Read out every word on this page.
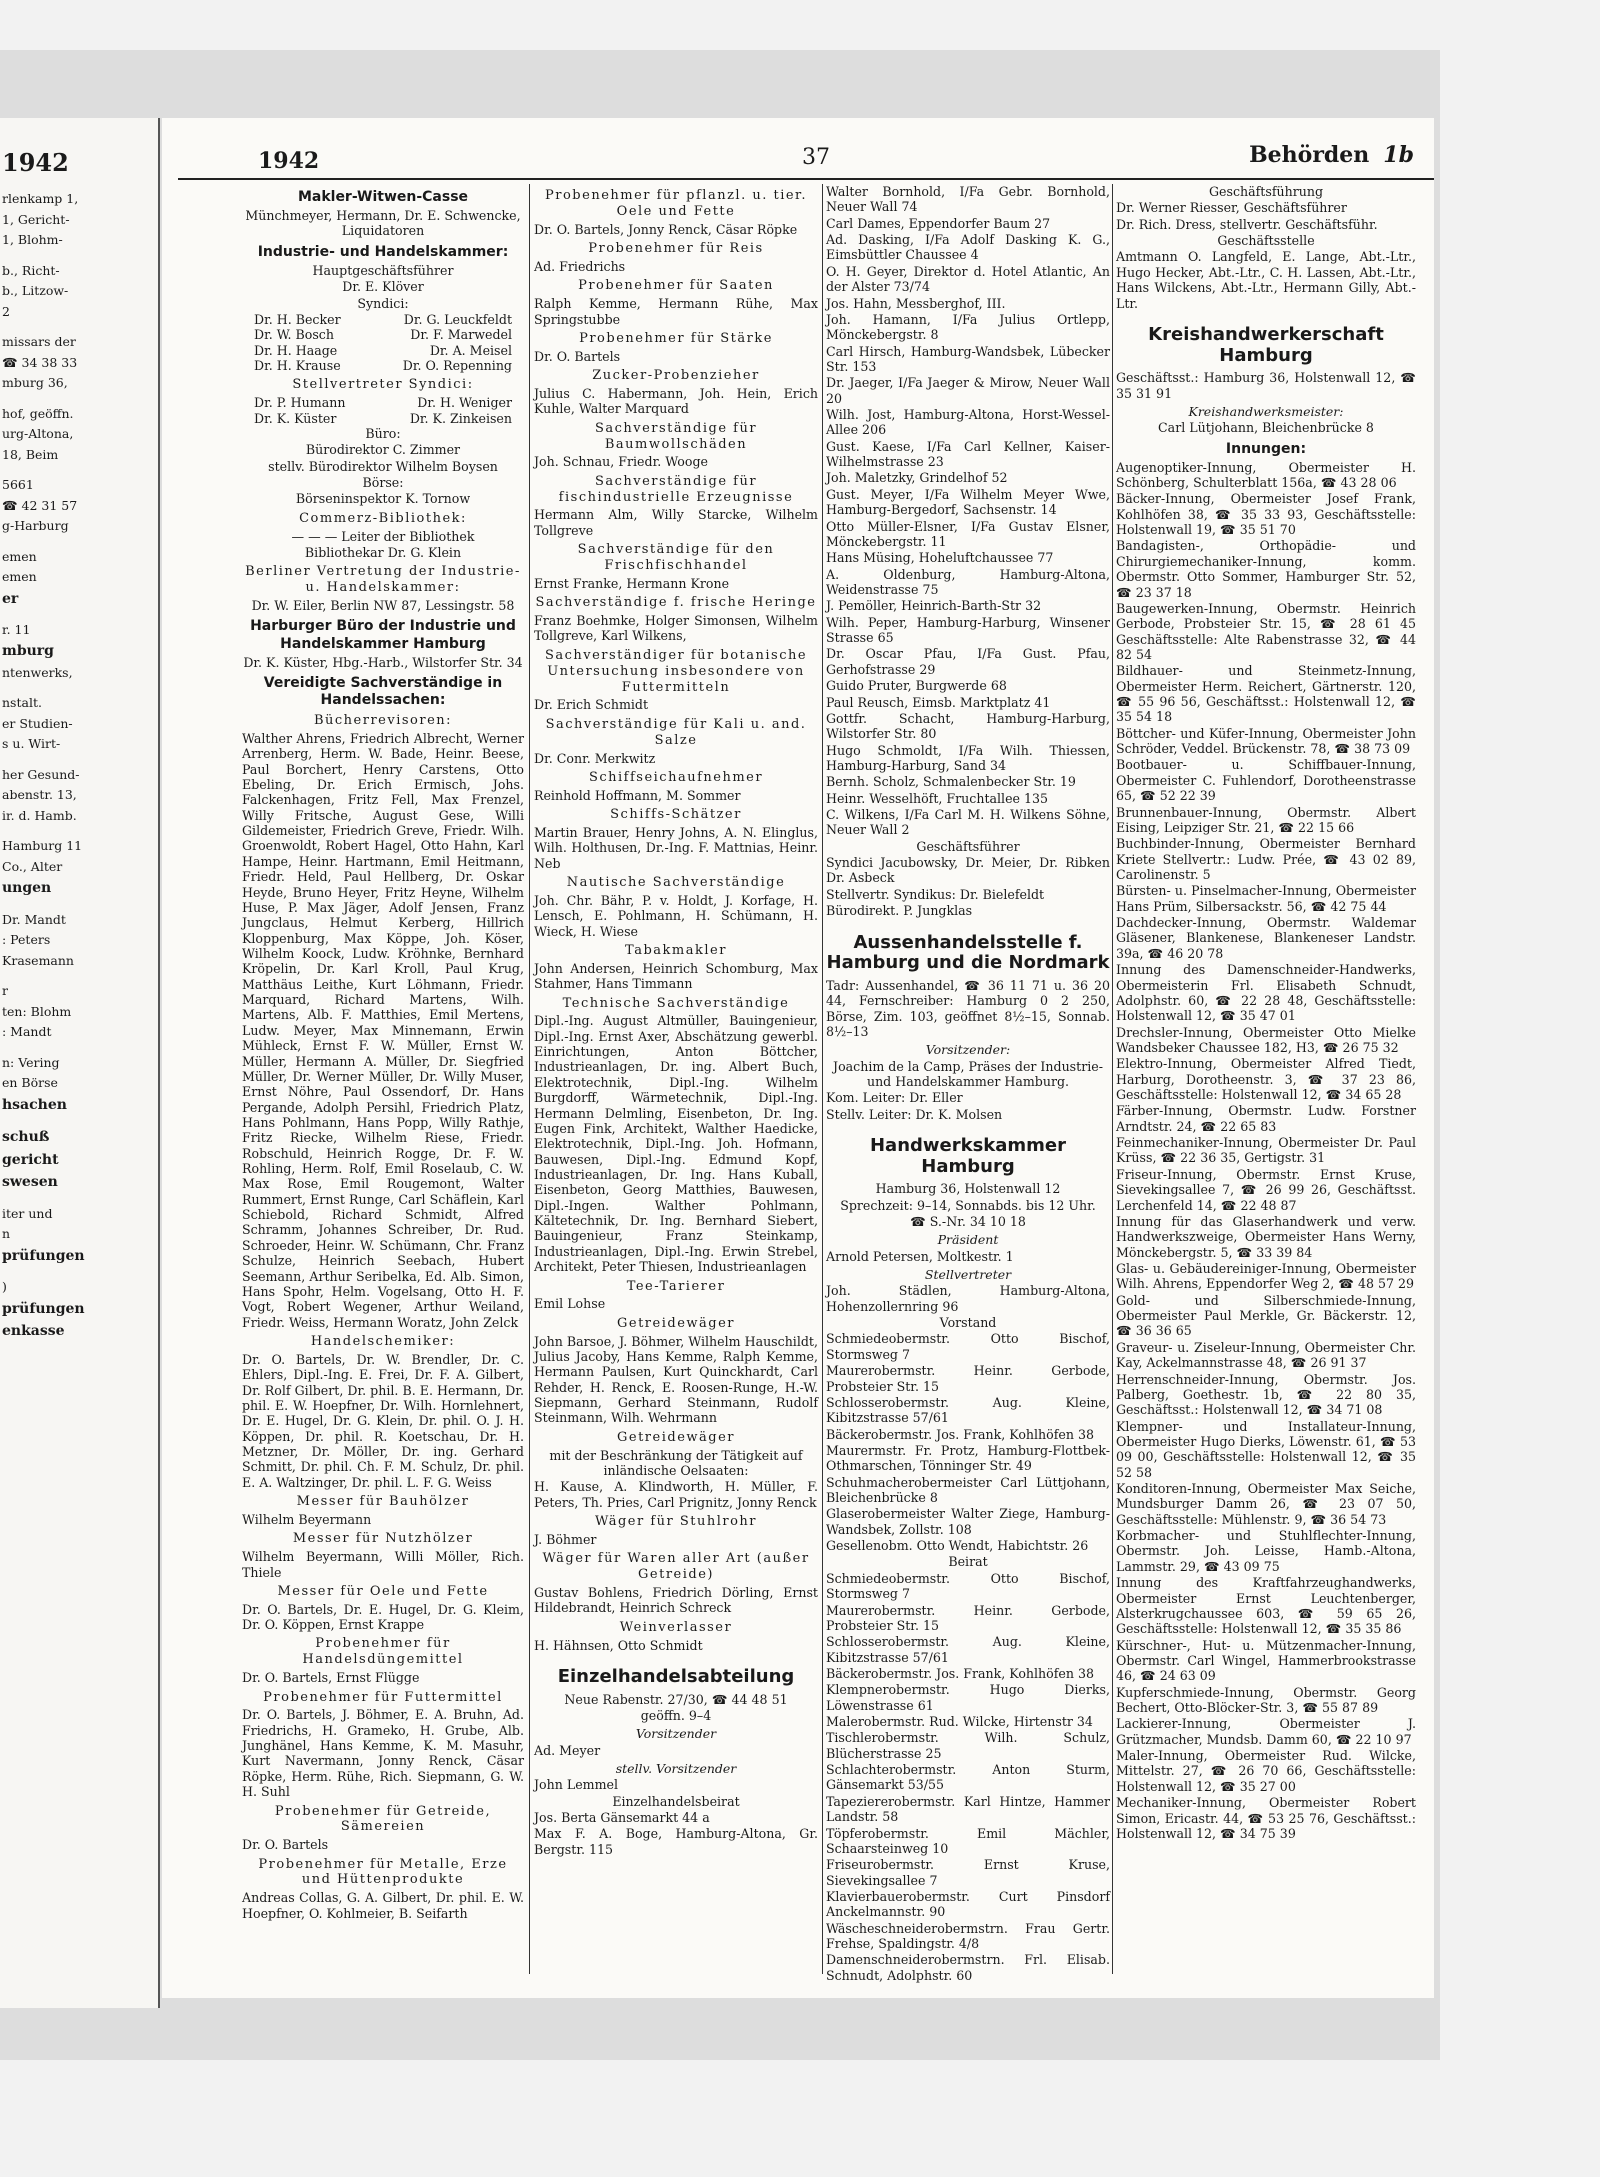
1942
rlenkamp 1,
1, Gericht-
1, Blohm-
b., Richt-
b., Litzow-
2
missars der
☎ 34 38 33
mburg 36,
hof, geöffn.
urg-Altona,
18, Beim
5661
☎ 42 31 57
g-Harburg
emen
emen
er
r. 11
mburg
ntenwerks,
nstalt.
er Studien-
s u. Wirt-
her Gesund-
abenstr. 13,
ir. d. Hamb.
Hamburg 11
Co., Alter
ungen
Dr. Mandt
: Peters
Krasemann
r
ten: Blohm
: Mandt
n: Vering
en Börse
hsachen
schuß
gericht
swesen
iter und
n
prüfungen
)
prüfungen
enkasse
1942	37	Behörden 1b
Makler-Witwen-Casse
Münchmeyer, Hermann, Dr. E. Schwencke, Liquidatoren
Industrie- und Handelskammer:
Hauptgeschäftsführer
Dr. E. Klöver
Syndici:
Dr. H. Becker	Dr. G. Leuckfeldt
Dr. W. Bosch	Dr. F. Marwedel
Dr. H. Haage	Dr. A. Meisel
Dr. H. Krause	Dr. O. Repenning
Stellvertreter Syndici:
Dr. P. Humann	Dr. H. Weniger
Dr. K. Küster	Dr. K. Zinkeisen
Büro:
Bürodirektor C. Zimmer
stellv. Bürodirektor Wilhelm Boysen
Börse:
Börseninspektor K. Tornow
Commerz-Bibliothek:
— — — Leiter der Bibliothek
Bibliothekar Dr. G. Klein
Berliner Vertretung der Industrie- u. Handelskammer:
Dr. W. Eiler, Berlin NW 87, Lessingstr. 58
Harburger Büro der Industrie und Handelskammer Hamburg
Dr. K. Küster, Hbg.-Harb., Wilstorfer Str. 34
Vereidigte Sachverständige in Handelssachen:
Bücherrevisoren:
Walther Ahrens, Friedrich Albrecht, Werner Arrenberg, Herm. W. Bade, Heinr. Beese, Paul Borchert, Henry Carstens, Otto Ebeling, Dr. Erich Ermisch, Johs. Falckenhagen, Fritz Fell, Max Frenzel, Willy Fritsche, August Gese, Willi Gildemeister, Friedrich Greve, Friedr. Wilh. Groenwoldt, Robert Hagel, Otto Hahn, Karl Hampe, Heinr. Hartmann, Emil Heitmann, Friedr. Held, Paul Hellberg, Dr. Oskar Heyde, Bruno Heyer, Fritz Heyne, Wilhelm Huse, P. Max Jäger, Adolf Jensen, Franz Jungclaus, Helmut Kerberg, Hillrich Kloppenburg, Max Köppe, Joh. Köser, Wilhelm Koock, Ludw. Kröhnke, Bernhard Kröpelin, Dr. Karl Kroll, Paul Krug, Matthäus Leithe, Kurt Löhmann, Friedr. Marquard, Richard Martens, Wilh. Martens, Alb. F. Matthies, Emil Mertens, Ludw. Meyer, Max Minnemann, Erwin Mühleck, Ernst F. W. Müller, Ernst W. Müller, Hermann A. Müller, Dr. Siegfried Müller, Dr. Werner Müller, Dr. Willy Muser, Ernst Nöhre, Paul Ossendorf, Dr. Hans Pergande, Adolph Persihl, Friedrich Platz, Hans Pohlmann, Hans Popp, Willy Rathje, Fritz Riecke, Wilhelm Riese, Friedr. Robschuld, Heinrich Rogge, Dr. F. W. Rohling, Herm. Rolf, Emil Roselaub, C. W. Max Rose, Emil Rougemont, Walter Rummert, Ernst Runge, Carl Schäflein, Karl Schiebold, Richard Schmidt, Alfred Schramm, Johannes Schreiber, Dr. Rud. Schroeder, Heinr. W. Schümann, Chr. Franz Schulze, Heinrich Seebach, Hubert Seemann, Arthur Seribelka, Ed. Alb. Simon, Hans Spohr, Helm. Vogelsang, Otto H. F. Vogt, Robert Wegener, Arthur Weiland, Friedr. Weiss, Hermann Woratz, John Zelck
Handelschemiker:
Dr. O. Bartels, Dr. W. Brendler, Dr. C. Ehlers, Dipl.-Ing. E. Frei, Dr. F. A. Gilbert, Dr. Rolf Gilbert, Dr. phil. B. E. Hermann, Dr. phil. E. W. Hoepfner, Dr. Wilh. Hornlehnert, Dr. E. Hugel, Dr. G. Klein, Dr. phil. O. J. H. Köppen, Dr. phil. R. Koetschau, Dr. H. Metzner, Dr. Möller, Dr. ing. Gerhard Schmitt, Dr. phil. Ch. F. M. Schulz, Dr. phil. E. A. Waltzinger, Dr. phil. L. F. G. Weiss
Messer für Bauhölzer
Wilhelm Beyermann
Messer für Nutzhölzer
Wilhelm Beyermann, Willi Möller, Rich. Thiele
Messer für Oele und Fette
Dr. O. Bartels, Dr. E. Hugel, Dr. G. Kleim, Dr. O. Köppen, Ernst Krappe
Probenehmer für Handelsdüngemittel
Dr. O. Bartels, Ernst Flügge
Probenehmer für Futtermittel
Dr. O. Bartels, J. Böhmer, E. A. Bruhn, Ad. Friedrichs, H. Grameko, H. Grube, Alb. Junghänel, Hans Kemme, K. M. Masuhr, Kurt Navermann, Jonny Renck, Cäsar Röpke, Herm. Rühe, Rich. Siepmann, G. W. H. Suhl
Probenehmer für Getreide, Sämereien
Dr. O. Bartels
Probenehmer für Metalle, Erze und Hüttenprodukte
Andreas Collas, G. A. Gilbert, Dr. phil. E. W. Hoepfner, O. Kohlmeier, B. Seifarth
Probenehmer für pflanzl. u. tier. Oele und Fette
Dr. O. Bartels, Jonny Renck, Cäsar Röpke
Probenehmer für Reis
Ad. Friedrichs
Probenehmer für Saaten
Ralph Kemme, Hermann Rühe, Max Springstubbe
Probenehmer für Stärke
Dr. O. Bartels
Zucker-Probenzieher
Julius C. Habermann, Joh. Hein, Erich Kuhle, Walter Marquard
Sachverständige für Baumwollschäden
Joh. Schnau, Friedr. Wooge
Sachverständige für fischindustrielle Erzeugnisse
Hermann Alm, Willy Starcke, Wilhelm Tollgreve
Sachverständige für den Frischfischhandel
Ernst Franke, Hermann Krone
Sachverständige f. frische Heringe
Franz Boehmke, Holger Simonsen, Wilhelm Tollgreve, Karl Wilkens,
Sachverständiger für botanische Untersuchung insbesondere von Futtermitteln
Dr. Erich Schmidt
Sachverständige für Kali u. and. Salze
Dr. Conr. Merkwitz
Schiffseichaufnehmer
Reinhold Hoffmann, M. Sommer
Schiffs-Schätzer
Martin Brauer, Henry Johns, A. N. Elinglus, Wilh. Holthusen, Dr.-Ing. F. Mattnias, Heinr. Neb
Nautische Sachverständige
Joh. Chr. Bähr, P. v. Holdt, J. Korfage, H. Lensch, E. Pohlmann, H. Schümann, H. Wieck, H. Wiese
Tabakmakler
John Andersen, Heinrich Schomburg, Max Stahmer, Hans Timmann
Technische Sachverständige
Dipl.-Ing. August Altmüller, Bauingenieur, Dipl.-Ing. Ernst Axer, Abschätzung gewerbl. Einrichtungen, Anton Böttcher, Industrieanlagen, Dr. ing. Albert Buch, Elektrotechnik, Dipl.-Ing. Wilhelm Burgdorff, Wärmetechnik, Dipl.-Ing. Hermann Delmling, Eisenbeton, Dr. Ing. Eugen Fink, Architekt, Walther Haedicke, Elektrotechnik, Dipl.-Ing. Joh. Hofmann, Bauwesen, Dipl.-Ing. Edmund Kopf, Industrieanlagen, Dr. Ing. Hans Kuball, Eisenbeton, Georg Matthies, Bauwesen, Dipl.-Ingen. Walther Pohlmann, Kältetechnik, Dr. Ing. Bernhard Siebert, Bauingenieur, Franz Steinkamp, Industrieanlagen, Dipl.-Ing. Erwin Strebel, Architekt, Peter Thiesen, Industrieanlagen
Tee-Tarierer
Emil Lohse
Getreidewäger
John Barsoe, J. Böhmer, Wilhelm Hauschildt, Julius Jacoby, Hans Kemme, Ralph Kemme, Hermann Paulsen, Kurt Quinckhardt, Carl Rehder, H. Renck, E. Roosen-Runge, H.-W. Siepmann, Gerhard Steinmann, Rudolf Steinmann, Wilh. Wehrmann
Getreidewäger
mit der Beschränkung der Tätigkeit auf inländische Oelsaaten:
H. Kause, A. Klindworth, H. Müller, F. Peters, Th. Pries, Carl Prignitz, Jonny Renck
Wäger für Stuhlrohr
J. Böhmer
Wäger für Waren aller Art (außer Getreide)
Gustav Bohlens, Friedrich Dörling, Ernst Hildebrandt, Heinrich Schreck
Weinverlasser
H. Hähnsen, Otto Schmidt
Einzelhandelsabteilung
Neue Rabenstr. 27/30, ☎ 44 48 51
geöffn. 9–4
Vorsitzender
Ad. Meyer
stellv. Vorsitzender
John Lemmel
Einzelhandelsbeirat
Jos. Berta Gänsemarkt 44 a
Max F. A. Boge, Hamburg-Altona, Gr. Bergstr. 115
Walter Bornhold, I/Fa Gebr. Bornhold, Neuer Wall 74
Carl Dames, Eppendorfer Baum 27
Ad. Dasking, I/Fa Adolf Dasking K. G., Eimsbüttler Chaussee 4
O. H. Geyer, Direktor d. Hotel Atlantic, An der Alster 73/74
Jos. Hahn, Messberghof, III.
Joh. Hamann, I/Fa Julius Ortlepp, Mönckebergstr. 8
Carl Hirsch, Hamburg-Wandsbek, Lübecker Str. 153
Dr. Jaeger, I/Fa Jaeger & Mirow, Neuer Wall 20
Wilh. Jost, Hamburg-Altona, Horst-Wessel-Allee 206
Gust. Kaese, I/Fa Carl Kellner, Kaiser-Wilhelmstrasse 23
Joh. Maletzky, Grindelhof 52
Gust. Meyer, I/Fa Wilhelm Meyer Wwe, Hamburg-Bergedorf, Sachsenstr. 14
Otto Müller-Elsner, I/Fa Gustav Elsner, Mönckebergstr. 11
Hans Müsing, Hoheluftchaussee 77
A. Oldenburg, Hamburg-Altona, Weidenstrasse 75
J. Pemöller, Heinrich-Barth-Str 32
Wilh. Peper, Hamburg-Harburg, Winsener Strasse 65
Dr. Oscar Pfau, I/Fa Gust. Pfau, Gerhofstrasse 29
Guido Pruter, Burgwerde 68
Paul Reusch, Eimsb. Marktplatz 41
Gottfr. Schacht, Hamburg-Harburg, Wilstorfer Str. 80
Hugo Schmoldt, I/Fa Wilh. Thiessen, Hamburg-Harburg, Sand 34
Bernh. Scholz, Schmalenbecker Str. 19
Heinr. Wesselhöft, Fruchtallee 135
C. Wilkens, I/Fa Carl M. H. Wilkens Söhne, Neuer Wall 2
Geschäftsführer
Syndici Jacubowsky, Dr. Meier, Dr. Ribken Dr. Asbeck
Stellvertr. Syndikus: Dr. Bielefeldt
Bürodirekt. P. Jungklas
Aussenhandelsstelle f. Hamburg und die Nordmark
Tadr: Aussenhandel, ☎ 36 11 71 u. 36 20 44, Fernschreiber: Hamburg 0 2 250, Börse, Zim. 103, geöffnet 8½–15, Sonnab. 8½–13
Vorsitzender:
Joachim de la Camp, Präses der Industrie- und Handelskammer Hamburg.
Kom. Leiter: Dr. Eller
Stellv. Leiter: Dr. K. Molsen
Handwerkskammer Hamburg
Hamburg 36, Holstenwall 12
Sprechzeit: 9–14, Sonnabds. bis 12 Uhr.
☎ S.-Nr. 34 10 18
Präsident
Arnold Petersen, Moltkestr. 1
Stellvertreter
Joh. Städlen, Hamburg-Altona, Hohenzollernring 96
Vorstand
Schmiedeobermstr. Otto Bischof, Stormsweg 7
Maurerobermstr. Heinr. Gerbode, Probsteier Str. 15
Schlosserobermstr. Aug. Kleine, Kibitzstrasse 57/61
Bäckerobermstr. Jos. Frank, Kohlhöfen 38
Maurermstr. Fr. Protz, Hamburg-Flottbek-Othmarschen, Tönninger Str. 49
Schuhmacherobermeister Carl Lüttjohann, Bleichenbrücke 8
Glaserobermeister Walter Ziege, Hamburg-Wandsbek, Zollstr. 108
Gesellenobm. Otto Wendt, Habichtstr. 26
Beirat
Schmiedeobermstr. Otto Bischof, Stormsweg 7
Maurerobermstr. Heinr. Gerbode, Probsteier Str. 15
Schlosserobermstr. Aug. Kleine, Kibitzstrasse 57/61
Bäckerobermstr. Jos. Frank, Kohlhöfen 38
Klempnerobermstr. Hugo Dierks, Löwenstrasse 61
Malerobermstr. Rud. Wilcke, Hirtenstr 34
Tischlerobermstr. Wilh. Schulz, Blücherstrasse 25
Schlachterobermstr. Anton Sturm, Gänsemarkt 53/55
Tapeziererobermstr. Karl Hintze, Hammer Landstr. 58
Töpferobermstr. Emil Mächler, Schaarsteinweg 10
Friseurobermstr. Ernst Kruse, Sievekingsallee 7
Klavierbauerobermstr. Curt Pinsdorf Anckelmannstr. 90
Wäscheschneiderobermstrn. Frau Gertr. Frehse, Spaldingstr. 4/8
Damenschneiderobermstrn. Frl. Elisab. Schnudt, Adolphstr. 60
Geschäftsführung
Dr. Werner Riesser, Geschäftsführer
Dr. Rich. Dress, stellvertr. Geschäftsführ.
Geschäftsstelle
Amtmann O. Langfeld, E. Lange, Abt.-Ltr., Hugo Hecker, Abt.-Ltr., C. H. Lassen, Abt.-Ltr., Hans Wilckens, Abt.-Ltr., Hermann Gilly, Abt.-Ltr.
Kreishandwerkerschaft Hamburg
Geschäftsst.: Hamburg 36, Holstenwall 12, ☎ 35 31 91
Kreishandwerksmeister:
Carl Lütjohann, Bleichenbrücke 8
Innungen:
Augenoptiker-Innung, Obermeister H. Schönberg, Schulterblatt 156a, ☎ 43 28 06
Bäcker-Innung, Obermeister Josef Frank, Kohlhöfen 38, ☎ 35 33 93, Geschäftsstelle: Holstenwall 19, ☎ 35 51 70
Bandagisten-, Orthopädie- und Chirurgiemechaniker-Innung, komm. Obermstr. Otto Sommer, Hamburger Str. 52, ☎ 23 37 18
Baugewerken-Innung, Obermstr. Heinrich Gerbode, Probsteier Str. 15, ☎ 28 61 45 Geschäftsstelle: Alte Rabenstrasse 32, ☎ 44 82 54
Bildhauer- und Steinmetz-Innung, Obermeister Herm. Reichert, Gärtnerstr. 120, ☎ 55 96 56, Geschäftsst.: Holstenwall 12, ☎ 35 54 18
Böttcher- und Küfer-Innung, Obermeister John Schröder, Veddel. Brückenstr. 78, ☎ 38 73 09
Bootbauer- u. Schiffbauer-Innung, Obermeister C. Fuhlendorf, Dorotheenstrasse 65, ☎ 52 22 39
Brunnenbauer-Innung, Obermstr. Albert Eising, Leipziger Str. 21, ☎ 22 15 66
Buchbinder-Innung, Obermeister Bernhard Kriete Stellvertr.: Ludw. Prée, ☎ 43 02 89, Carolinenstr. 5
Bürsten- u. Pinselmacher-Innung, Obermeister Hans Prüm, Silbersackstr. 56, ☎ 42 75 44
Dachdecker-Innung, Obermstr. Waldemar Gläsener, Blankenese, Blankeneser Landstr. 39a, ☎ 46 20 78
Innung des Damenschneider-Handwerks, Obermeisterin Frl. Elisabeth Schnudt, Adolphstr. 60, ☎ 22 28 48, Geschäftsstelle: Holstenwall 12, ☎ 35 47 01
Drechsler-Innung, Obermeister Otto Mielke Wandsbeker Chaussee 182, H3, ☎ 26 75 32
Elektro-Innung, Obermeister Alfred Tiedt, Harburg, Dorotheenstr. 3, ☎ 37 23 86, Geschäftsstelle: Holstenwall 12, ☎ 34 65 28
Färber-Innung, Obermstr. Ludw. Forstner Arndtstr. 24, ☎ 22 65 83
Feinmechaniker-Innung, Obermeister Dr. Paul Krüss, ☎ 22 36 35, Gertigstr. 31
Friseur-Innung, Obermstr. Ernst Kruse, Sievekingsallee 7, ☎ 26 99 26, Geschäftsst. Lerchenfeld 14, ☎ 22 48 87
Innung für das Glaserhandwerk und verw. Handwerkszweige, Obermeister Hans Werny, Mönckebergstr. 5, ☎ 33 39 84
Glas- u. Gebäudereiniger-Innung, Obermeister Wilh. Ahrens, Eppendorfer Weg 2, ☎ 48 57 29
Gold- und Silberschmiede-Innung, Obermeister Paul Merkle, Gr. Bäckerstr. 12, ☎ 36 36 65
Graveur- u. Ziseleur-Innung, Obermeister Chr. Kay, Ackelmannstrasse 48, ☎ 26 91 37
Herrenschneider-Innung, Obermstr. Jos. Palberg, Goethestr. 1b, ☎ 22 80 35, Geschäftsst.: Holstenwall 12, ☎ 34 71 08
Klempner- und Installateur-Innung, Obermeister Hugo Dierks, Löwenstr. 61, ☎ 53 09 00, Geschäftsstelle: Holstenwall 12, ☎ 35 52 58
Konditoren-Innung, Obermeister Max Seiche, Mundsburger Damm 26, ☎ 23 07 50, Geschäftsstelle: Mühlenstr. 9, ☎ 36 54 73
Korbmacher- und Stuhlflechter-Innung, Obermstr. Joh. Leisse, Hamb.-Altona, Lammstr. 29, ☎ 43 09 75
Innung des Kraftfahrzeughandwerks, Obermeister Ernst Leuchtenberger, Alsterkrugchaussee 603, ☎ 59 65 26, Geschäftsstelle: Holstenwall 12, ☎ 35 35 86
Kürschner-, Hut- u. Mützenmacher-Innung, Obermstr. Carl Wingel, Hammerbrookstrasse 46, ☎ 24 63 09
Kupferschmiede-Innung, Obermstr. Georg Bechert, Otto-Blöcker-Str. 3, ☎ 55 87 89
Lackierer-Innung, Obermeister J. Grützmacher, Mundsb. Damm 60, ☎ 22 10 97
Maler-Innung, Obermeister Rud. Wilcke, Mittelstr. 27, ☎ 26 70 66, Geschäftsstelle: Holstenwall 12, ☎ 35 27 00
Mechaniker-Innung, Obermeister Robert Simon, Ericastr. 44, ☎ 53 25 76, Geschäftsst.: Holstenwall 12, ☎ 34 75 39
